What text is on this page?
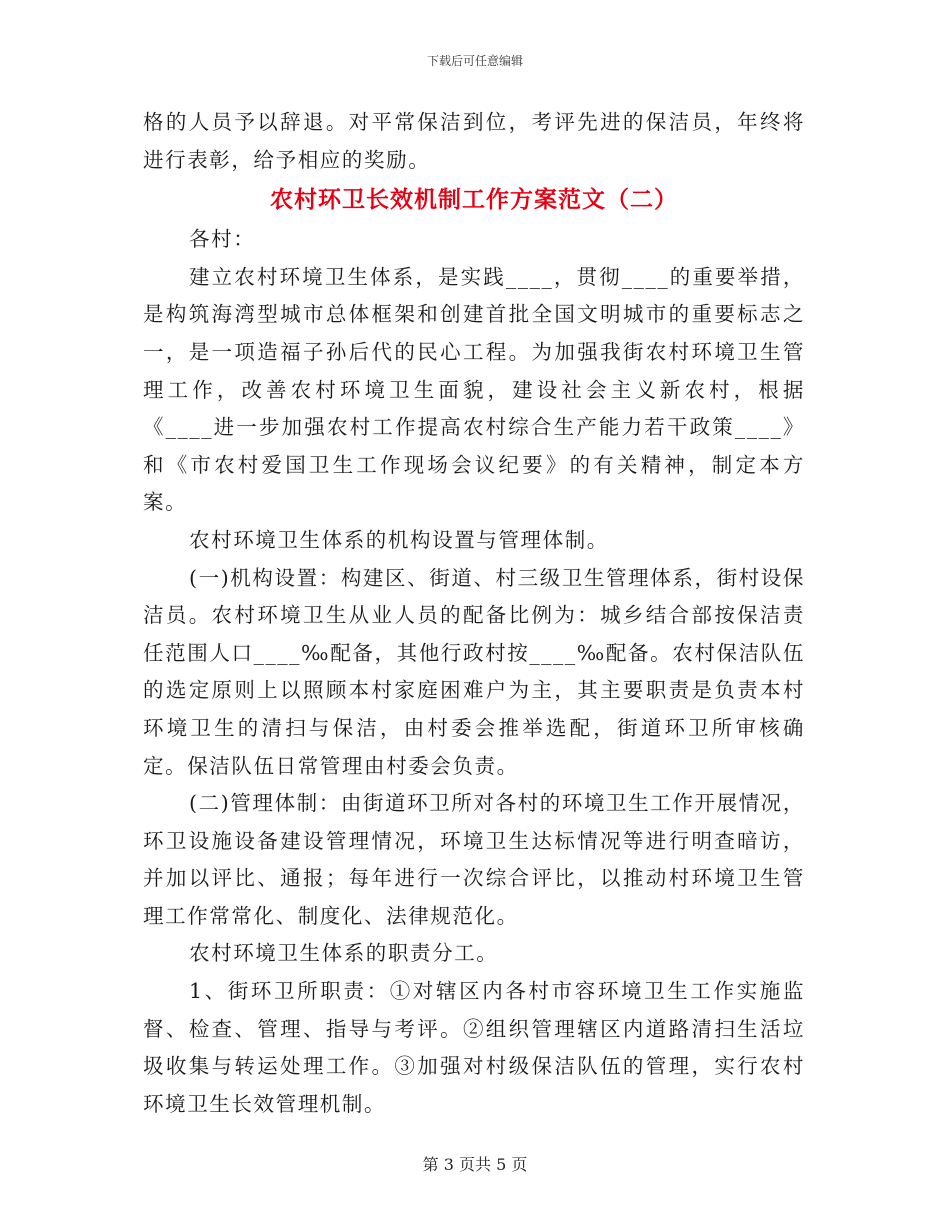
下载后可任意编辑

格的人员予以辞退。对平常保洁到位，考评先进的保洁员，年终将进行表彰，给予相应的奖励。

农村环卫长效机制工作方案范文（二）

各村：

建立农村环境卫生体系，是实践____，贯彻____的重要举措，是构筑海湾型城市总体框架和创建首批全国文明城市的重要标志之一，是一项造福子孙后代的民心工程。为加强我街农村环境卫生管理工作，改善农村环境卫生面貌，建设社会主义新农村，根据《____进一步加强农村工作提高农村综合生产能力若干政策____》和《市农村爱国卫生工作现场会议纪要》的有关精神，制定本方案。

农村环境卫生体系的机构设置与管理体制。

(一)机构设置：构建区、街道、村三级卫生管理体系，街村设保洁员。农村环境卫生从业人员的配备比例为：城乡结合部按保洁责任范围人口____‰配备，其他行政村按____‰配备。农村保洁队伍的选定原则上以照顾本村家庭困难户为主，其主要职责是负责本村环境卫生的清扫与保洁，由村委会推举选配，街道环卫所审核确定。保洁队伍日常管理由村委会负责。

(二)管理体制：由街道环卫所对各村的环境卫生工作开展情况，环卫设施设备建设管理情况，环境卫生达标情况等进行明查暗访，并加以评比、通报；每年进行一次综合评比，以推动村环境卫生管理工作常常化、制度化、法律规范化。

农村环境卫生体系的职责分工。

1、街环卫所职责：①对辖区内各村市容环境卫生工作实施监督、检查、管理、指导与考评。②组织管理辖区内道路清扫生活垃圾收集与转运处理工作。③加强对村级保洁队伍的管理，实行农村环境卫生长效管理机制。

第 3 页共 5 页
